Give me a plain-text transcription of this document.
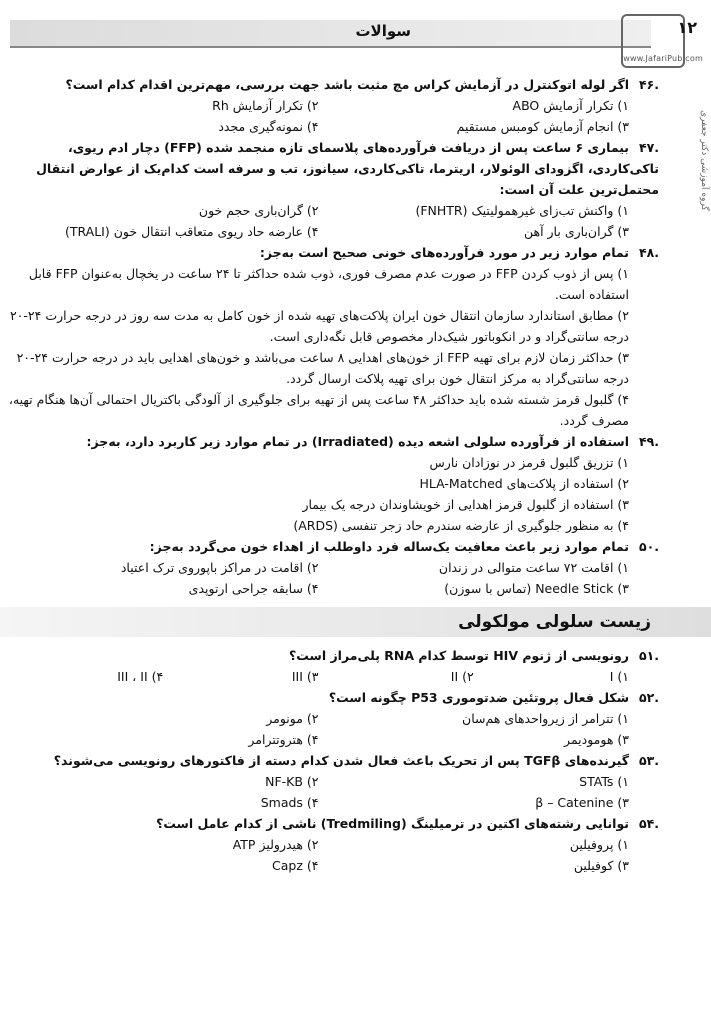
سوالات	۱۲
www.JafariPub.com
گروه آموزشی دکتر جعفری

.۴۶اگر لوله اتوکنترل در آزمایش کراس مچ مثبت باشد جهت بررسی، مهم‌ترین اقدام کدام است؟

۱) تکرار آزمایش ABO
۲) تکرار آزمایش Rh
۳) انجام آزمایش کومبس مستقیم
۴) نمونه‌گیری مجدد

.۴۷بیماری ۶ ساعت پس از دریافت فرآورده‌های پلاسمای تازه منجمد شده (FFP) دچار ادم ریوی، تاکی‌کاردی، اگزودای الوئولار، اریترما، تاکی‌کاردی، سیانوز، تب و سرفه است کدام‌یک از عوارض انتقال محتمل‌ترین علت آن است:

۱) واکنش تب‌زای غیرهمولیتیک (FNHTR)
۲) گران‌باری حجم خون
۳) گران‌باری بار آهن
۴) عارضه حاد ریوی متعاقب انتقال خون (TRALI)

.۴۸تمام موارد زیر در مورد فرآورده‌های خونی صحیح است به‌جز:

۱) پس از ذوب کردن FFP در صورت عدم مصرف فوری، ذوب شده حداکثر تا ۲۴ ساعت در یخچال به‌عنوان FFP قابل استفاده است.
۲) مطابق استاندارد سازمان انتقال خون ایران پلاکت‌های تهیه شده از خون کامل به مدت سه روز در درجه حرارت ۲۴-۲۰ درجه سانتی‌گراد و در انکوباتور شیک‌دار مخصوص قابل نگه‌داری است.
۳) حداکثر زمان لازم برای تهیه FFP از خون‌های اهدایی ۸ ساعت می‌باشد و خون‌های اهدایی باید در درجه حرارت ۲۴-۲۰ درجه سانتی‌گراد به مرکز انتقال خون برای تهیه پلاکت ارسال گردد.
۴) گلبول قرمز شسته شده باید حداکثر ۴۸ ساعت پس از تهیه برای جلوگیری از آلودگی باکتریال احتمالی آن‌ها هنگام تهیه، مصرف گردد.

.۴۹استفاده از فرآورده سلولی اشعه دیده (Irradiated) در تمام موارد زیر کاربرد دارد، به‌جز:

۱) تزریق گلبول قرمز در نوزادان نارس
۲) استفاده از پلاکت‌های HLA-Matched
۳) استفاده از گلبول قرمز اهدایی از خویشاوندان درجه یک بیمار
۴) به منظور جلوگیری از عارضه سندرم حاد زجر تنفسی (ARDS)

.۵۰تمام موارد زیر باعث معافیت یک‌ساله فرد داوطلب از اهداء خون می‌گردد به‌جز:

۱) اقامت ۷۲ ساعت متوالی در زندان
۲) اقامت در مراکز باپوروی ترک اعتیاد
۳) Needle Stick (تماس با سوزن)
۴) سابقه جراحی ارتوپدی
زیست سلولی مولکولی

.۵۱رونویسی از ژنوم HIV توسط کدام RNA پلی‌مراز است؟

۱) I
۲) II
۳) III
۴) III ، II

.۵۲شکل فعال پروتئین ضدتوموری P53 چگونه است؟

۱) تترامر از زیرواحدهای هم‌سان
۲) مونومر
۳) هومودیمر
۴) هتروتترامر

.۵۳گیرنده‌های TGFβ پس از تحریک باعث فعال شدن کدام دسته از فاکتورهای رونویسی می‌شوند؟

۱) STATs
۲) NF-KB
۳) β – Catenine
۴) Smads

.۵۴توانایی رشته‌های اکتین در ترمیلینگ (Tredmiling) ناشی از کدام عامل است؟

۱) پروفیلین
۲) هیدرولیز ATP
۳) کوفیلین
۴) Capz
